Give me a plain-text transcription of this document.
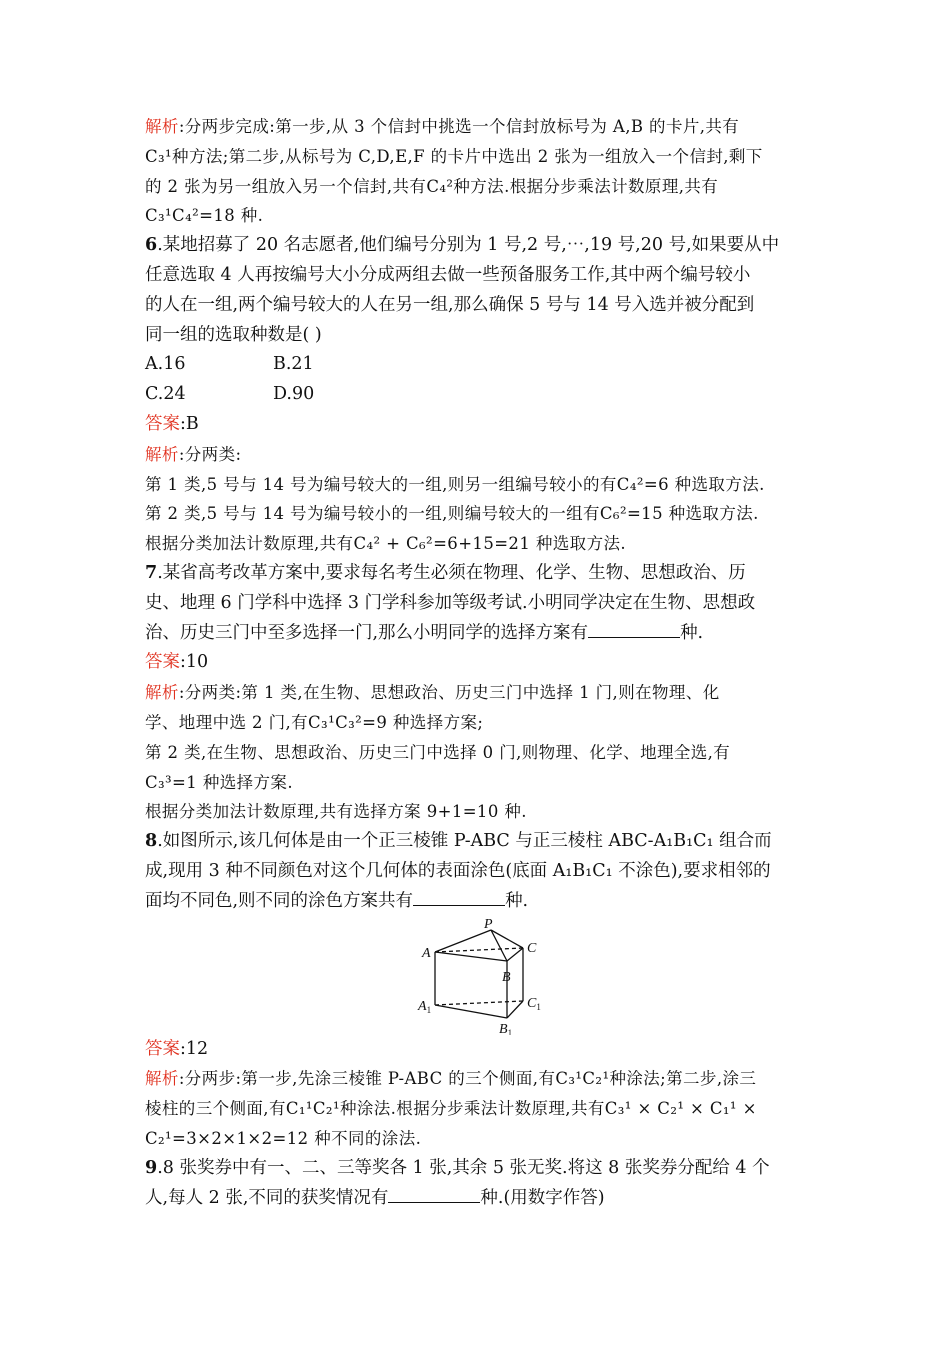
解析:分两步完成:第一步,从 3 个信封中挑选一个信封放标号为 A,B 的卡片,共有
C₃¹种方法;第二步,从标号为 C,D,E,F 的卡片中选出 2 张为一组放入一个信封,剩下
的 2 张为另一组放入另一个信封,共有C₄²种方法.根据分步乘法计数原理,共有
C₃¹C₄²=18 种.
6.某地招募了 20 名志愿者,他们编号分别为 1 号,2 号,⋯,19 号,20 号,如果要从中
任意选取 4 人再按编号大小分成两组去做一些预备服务工作,其中两个编号较小
的人在一组,两个编号较大的人在另一组,那么确保 5 号与 14 号入选并被分配到
同一组的选取种数是( )
A.16	B.21
C.24	D.90
答案:B
解析:分两类:
第 1 类,5 号与 14 号为编号较大的一组,则另一组编号较小的有C₄²=6 种选取方法.
第 2 类,5 号与 14 号为编号较小的一组,则编号较大的一组有C₆²=15 种选取方法.
根据分类加法计数原理,共有C₄² + C₆²=6+15=21 种选取方法.
7.某省高考改革方案中,要求每名考生必须在物理、化学、生物、思想政治、历
史、地理 6 门学科中选择 3 门学科参加等级考试.小明同学决定在生物、思想政
治、历史三门中至多选择一门,那么小明同学的选择方案有	种.
答案:10
解析:分两类:第 1 类,在生物、思想政治、历史三门中选择 1 门,则在物理、化
学、地理中选 2 门,有C₃¹C₃²=9 种选择方案;
第 2 类,在生物、思想政治、历史三门中选择 0 门,则物理、化学、地理全选,有
C₃³=1 种选择方案.
根据分类加法计数原理,共有选择方案 9+1=10 种.
8.如图所示,该几何体是由一个正三棱锥 P-ABC 与正三棱柱 ABC-A₁B₁C₁ 组合而
成,现用 3 种不同颜色对这个几何体的表面涂色(底面 A₁B₁C₁ 不涂色),要求相邻的
面均不同色,则不同的涂色方案共有	种.
P
A	C
B
$A_1$	$C_1$
$B_1$
答案:12
解析:分两步:第一步,先涂三棱锥 P-ABC 的三个侧面,有C₃¹C₂¹种涂法;第二步,涂三
棱柱的三个侧面,有C₁¹C₂¹种涂法.根据分步乘法计数原理,共有C₃¹ × C₂¹ × C₁¹ ×
C₂¹=3×2×1×2=12 种不同的涂法.
9.8 张奖券中有一、二、三等奖各 1 张,其余 5 张无奖.将这 8 张奖券分配给 4 个
人,每人 2 张,不同的获奖情况有	种.(用数字作答)
